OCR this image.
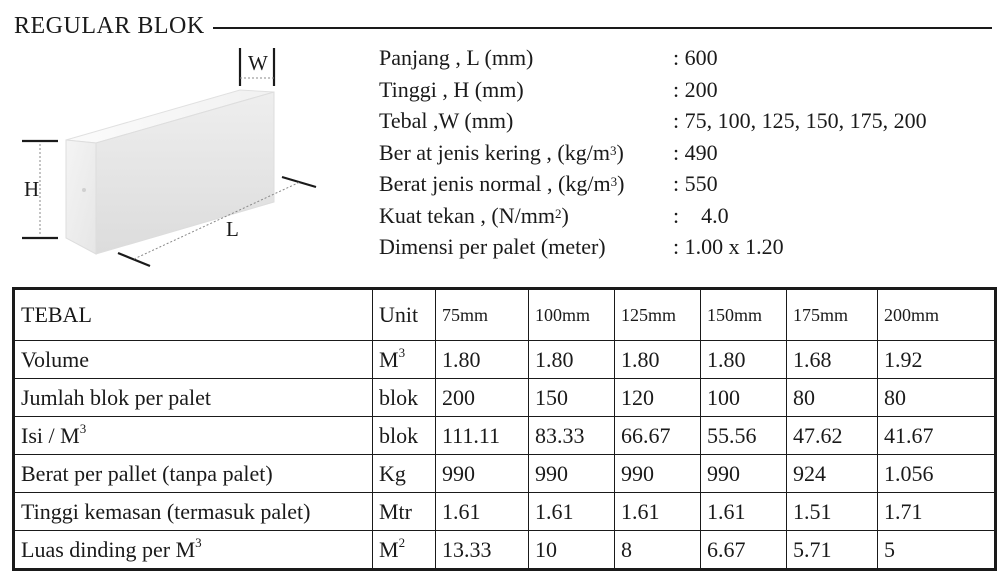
REGULAR BLOK
W
H
L
Panjang , L (mm)	: 600
Tinggi , H (mm)	: 200
Tebal ,W (mm)	: 75, 100, 125, 150, 175, 200
Ber at jenis kering , $(kg/m^3)$	: 490
Berat jenis normal , $(kg/m^3)$	: 550
Kuat tekan , $(N/mm^2)$	:    4.0
Dimensi per palet (meter)	: 1.00 x 1.20
TEBAL	Unit	75mm	100mm	125mm	150mm	175mm	200mm
Volume	$M^3$	1.80	1.80	1.80	1.80	1.68	1.92
Jumlah blok per palet	blok	200	150	120	100	80	80
Isi / $M^3$	blok	111.11	83.33	66.67	55.56	47.62	41.67
Berat per pallet (tanpa palet)	Kg	990	990	990	990	924	1.056
Tinggi kemasan (termasuk palet)	Mtr	1.61	1.61	1.61	1.61	1.51	1.71
Luas dinding per $M^3$	$M^2$	13.33	10	8	6.67	5.71	5
